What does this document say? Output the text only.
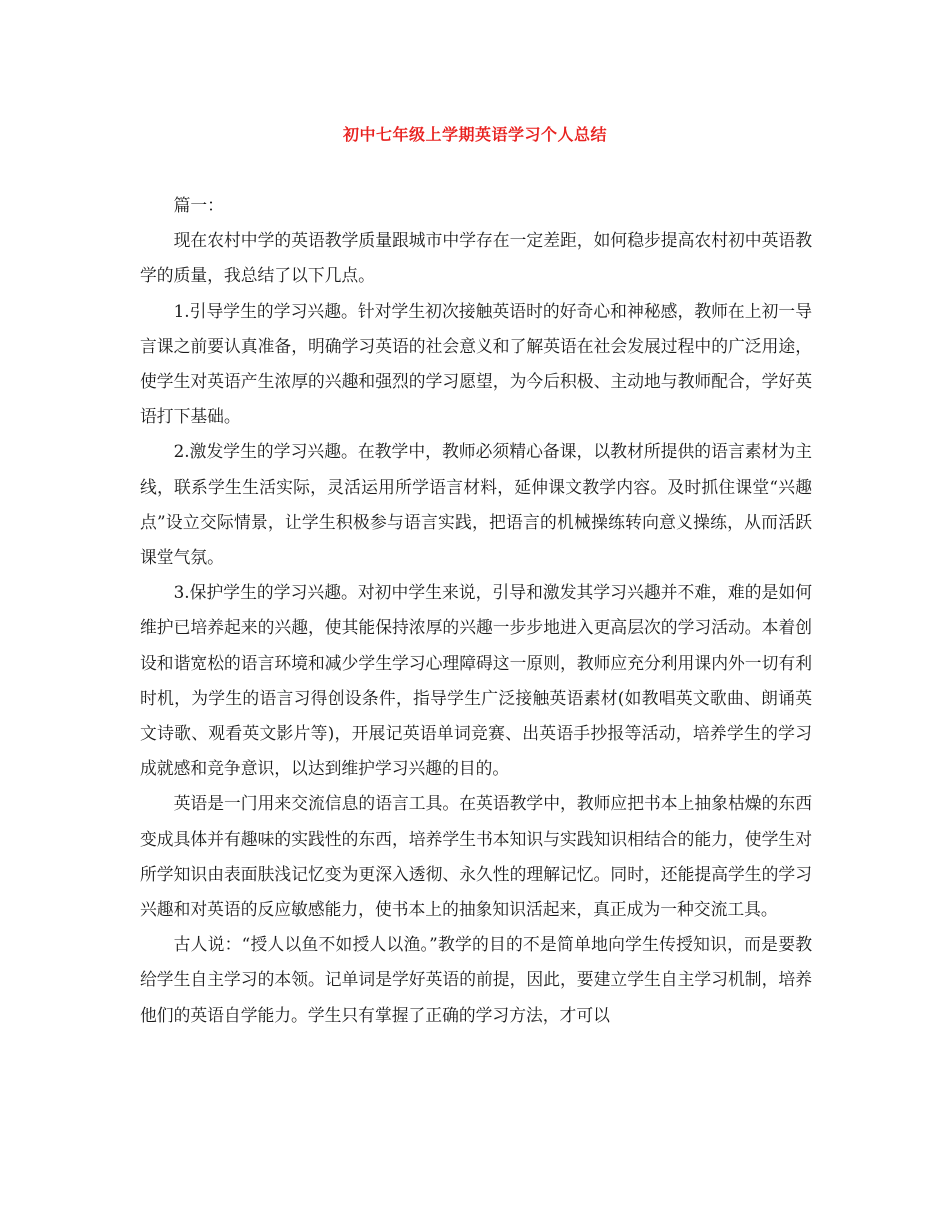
初中七年级上学期英语学习个人总结

篇一：

现在农村中学的英语教学质量跟城市中学存在一定差距，如何稳步提高农村初中英语教学的质量，我总结了以下几点。

1.引导学生的学习兴趣。针对学生初次接触英语时的好奇心和神秘感，教师在上初一导言课之前要认真准备，明确学习英语的社会意义和了解英语在社会发展过程中的广泛用途，使学生对英语产生浓厚的兴趣和强烈的学习愿望，为今后积极、主动地与教师配合，学好英语打下基础。

2.激发学生的学习兴趣。在教学中，教师必须精心备课，以教材所提供的语言素材为主线，联系学生生活实际，灵活运用所学语言材料，延伸课文教学内容。及时抓住课堂“兴趣点”设立交际情景，让学生积极参与语言实践，把语言的机械操练转向意义操练，从而活跃课堂气氛。

3.保护学生的学习兴趣。对初中学生来说，引导和激发其学习兴趣并不难，难的是如何维护已培养起来的兴趣，使其能保持浓厚的兴趣一步步地进入更高层次的学习活动。本着创设和谐宽松的语言环境和减少学生学习心理障碍这一原则，教师应充分利用课内外一切有利时机，为学生的语言习得创设条件，指导学生广泛接触英语素材(如教唱英文歌曲、朗诵英文诗歌、观看英文影片等)，开展记英语单词竞赛、出英语手抄报等活动，培养学生的学习成就感和竞争意识，以达到维护学习兴趣的目的。

英语是一门用来交流信息的语言工具。在英语教学中，教师应把书本上抽象枯燥的东西变成具体并有趣味的实践性的东西，培养学生书本知识与实践知识相结合的能力，使学生对所学知识由表面肤浅记忆变为更深入透彻、永久性的理解记忆。同时，还能提高学生的学习兴趣和对英语的反应敏感能力，使书本上的抽象知识活起来，真正成为一种交流工具。

古人说：“授人以鱼不如授人以渔。”教学的目的不是简单地向学生传授知识，而是要教给学生自主学习的本领。记单词是学好英语的前提，因此，要建立学生自主学习机制，培养他们的英语自学能力。学生只有掌握了正确的学习方法，才可以
